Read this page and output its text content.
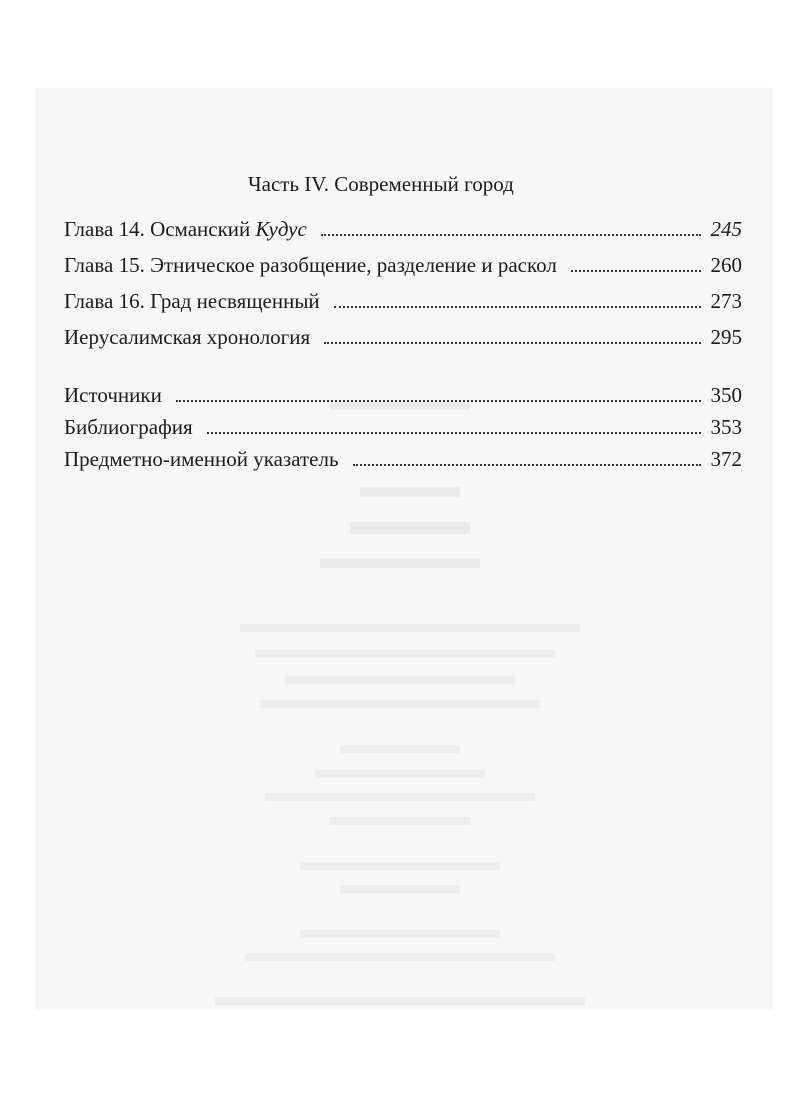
Часть IV. Современный город
Глава 14. Османский Кудус	245
Глава 15. Этническое разобщение, разделение и раскол	260
Глава 16. Град несвященный	273
Иерусалимская хронология	295
Источники	350
Библиография	353
Предметно-именной указатель	372
